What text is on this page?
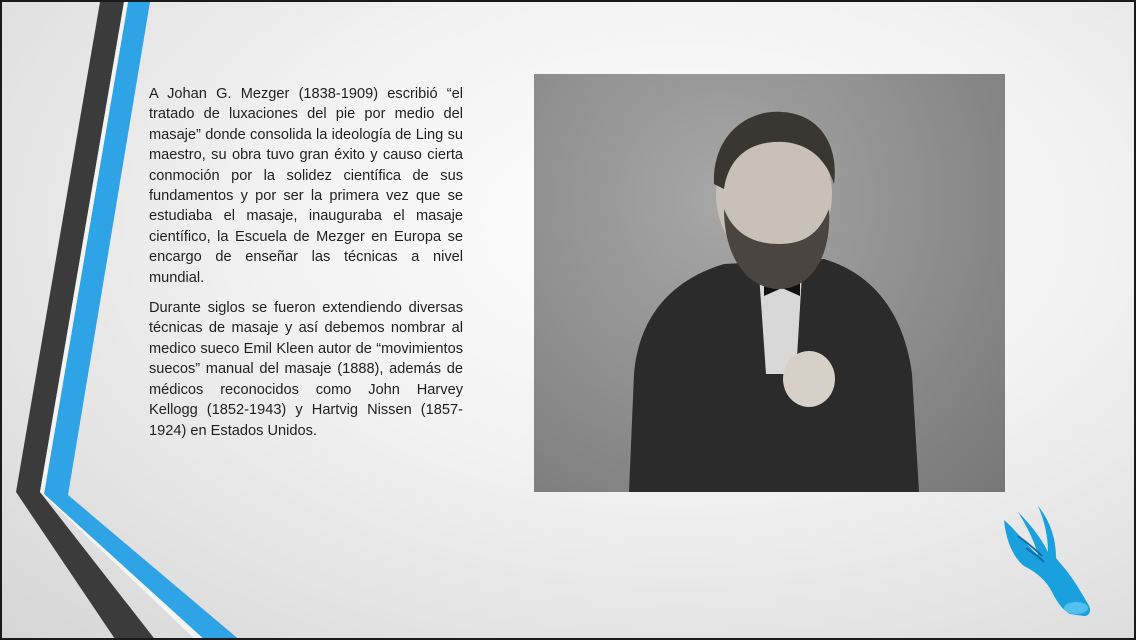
A Johan G. Mezger (1838-1909) escribió “el tratado de luxaciones del pie por medio del masaje” donde consolida la ideología de Ling su maestro, su obra tuvo gran éxito y causo cierta conmoción por la solidez científica de sus fundamentos y por ser la primera vez que se estudiaba el masaje, inauguraba el masaje científico, la Escuela de Mezger en Europa se encargo de enseñar las técnicas a nivel mundial.

Durante siglos se fueron extendiendo diversas técnicas de masaje y así debemos nombrar al medico sueco Emil Kleen autor de “movimientos suecos” manual del masaje (1888), además de médicos reconocidos como John Harvey Kellogg (1852-1943) y Hartvig Nissen (1857-1924) en Estados Unidos.
